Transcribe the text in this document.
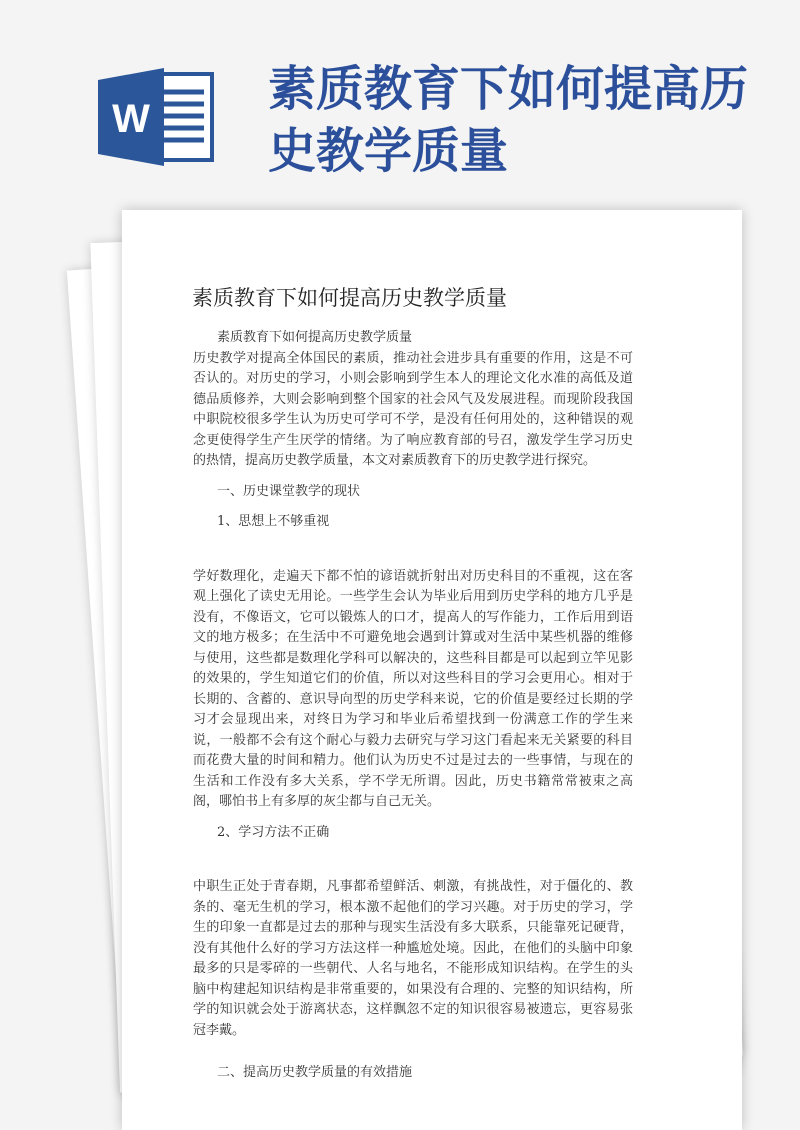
W
素质教育下如何提高历史教学质量
素质教育下如何提高历史教学质量

素质教育下如何提高历史教学质量

历史教学对提高全体国民的素质，推动社会进步具有重要的作用，这是不可否认的。对历史的学习，小则会影响到学生本人的理论文化水准的高低及道德品质修养，大则会影响到整个国家的社会风气及发展进程。而现阶段我国中职院校很多学生认为历史可学可不学，是没有任何用处的，这种错误的观念更使得学生产生厌学的情绪。为了响应教育部的号召，激发学生学习历史的热情，提高历史教学质量，本文对素质教育下的历史教学进行探究。

一、历史课堂教学的现状

1、思想上不够重视

学好数理化，走遍天下都不怕的谚语就折射出对历史科目的不重视，这在客观上强化了读史无用论。一些学生会认为毕业后用到历史学科的地方几乎是没有，不像语文，它可以锻炼人的口才，提高人的写作能力，工作后用到语文的地方极多；在生活中不可避免地会遇到计算或对生活中某些机器的维修与使用，这些都是数理化学科可以解决的，这些科目都是可以起到立竿见影的效果的，学生知道它们的价值，所以对这些科目的学习会更用心。相对于长期的、含蓄的、意识导向型的历史学科来说，它的价值是要经过长期的学习才会显现出来，对终日为学习和毕业后希望找到一份满意工作的学生来说，一般都不会有这个耐心与毅力去研究与学习这门看起来无关紧要的科目而花费大量的时间和精力。他们认为历史不过是过去的一些事情，与现在的生活和工作没有多大关系，学不学无所谓。因此，历史书籍常常被束之高阁，哪怕书上有多厚的灰尘都与自己无关。

2、学习方法不正确

中职生正处于青春期，凡事都希望鲜活、刺激，有挑战性，对于僵化的、教条的、毫无生机的学习，根本激不起他们的学习兴趣。对于历史的学习，学生的印象一直都是过去的那种与现实生活没有多大联系，只能靠死记硬背，没有其他什么好的学习方法这样一种尴尬处境。因此，在他们的头脑中印象最多的只是零碎的一些朝代、人名与地名，不能形成知识结构。在学生的头脑中构建起知识结构是非常重要的，如果没有合理的、完整的知识结构，所学的知识就会处于游离状态，这样飘忽不定的知识很容易被遗忘，更容易张冠李戴。

二、提高历史教学质量的有效措施
